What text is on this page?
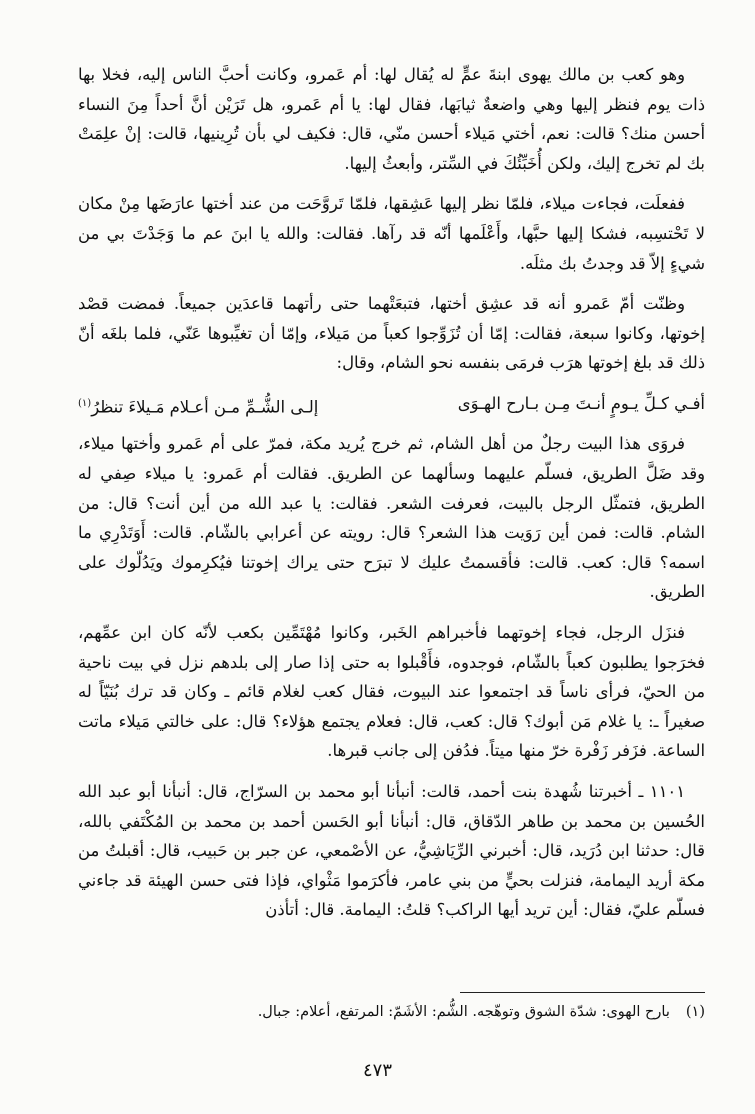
وهو كعب بن مالك يهوى ابنةَ عمٍّ له يُقال لها: أم عَمرو، وكانت أحبَّ الناس إليه، فخلا بها ذات يوم فنظر إليها وهي واضعةٌ ثيابَها، فقال لها: يا أم عَمرو، هل تَرَيْن أنَّ أحداً مِنَ النساء أحسن منك؟ قالت: نعم، أختي مَيلاء أحسن منّي، قال: فكيف لي بأن تُرِينيها، قالت: إنْ علِمَتْ بك لم تخرج إليك، ولكن أُخَبِّئُكَ في السِّتر، وأبعثُ إليها.

ففعلَت، فجاءت ميلاء، فلمّا نظر إليها عَشِقها، فلمّا تَروَّحَت من عند أختها عارَضَها مِنْ مكان لا تَحْتسِبه، فشكا إليها حبَّها، وأَعْلَمها أنّه قد رآها. فقالت: والله يا ابنَ عم ما وَجَدْتَ بي من شيءٍ إلاّ قد وجدتُ بك مثلَه.

وظنّت أمّ عَمرو أنه قد عشِق أختها، فتبعَتْهما حتى رأتهما قاعدَين جميعاً. فمضت قصْد إخوتها، وكانوا سبعة، فقالت: إمّا أن تُزَوِّجوا كعباً من مَيلاء، وإمّا أن تغيِّبوها عَنّي، فلما بلغَه أنّ ذلك قد بلغ إخوتها هرَب فرمَى بنفسه نحو الشام، وقال:

أفـي كـلِّ يـومٍ أنـتَ مِـن بـارح الهـوَى
إلـى الشُّـمِّ مـن أعـلام مَـيلاءَ تنظرُ$^{(١)}$

فروَى هذا البيت رجلٌ من أهل الشام، ثم خرج يُريد مكة، فمرّ على أم عَمرو وأختها ميلاء، وقد ضَلَّ الطريق، فسلّم عليهما وسألهما عن الطريق. فقالت أم عَمرو: يا ميلاء صِفي له الطريق، فتمثّل الرجل بالبيت، فعرفت الشعر. فقالت: يا عبد الله من أين أنت؟ قال: من الشام. قالت: فمن أين رَوَيت هذا الشعر؟ قال: رويته عن أعرابي بالشّام. قالت: أَوَتَدْرِي ما اسمه؟ قال: كعب. قالت: فأقسمتُ عليك لا تبرَح حتى يراك إخوتنا فيُكرِموك ويَدُلّوك على الطريق.

فنزَل الرجل، فجاء إخوتهما فأخبراهم الخَبر، وكانوا مُهْتَمِّين بكعب لأنّه كان ابن عمِّهم، فخرَجوا يطلبون كعباً بالشّام، فوجدوه، فأَقْبلوا به حتى إذا صار إلى بلدهم نزل في بيت ناحية من الحيّ، فرأى ناساً قد اجتمعوا عند البيوت، فقال كعب لغلام قائم ـ وكان قد ترك بُنَيّاً له صغيراً ـ: يا غلام مَن أبوك؟ قال: كعب، قال: فعلام يجتمع هؤلاء؟ قال: على خالتي مَيلاء ماتت الساعة. فزَفر زَفْرة خرّ منها ميتاً. فدُفن إلى جانب قبرها.

١١٠١ ـ أخبرتنا شُهدة بنت أحمد، قالت: أنبأنا أبو محمد بن السرّاج، قال: أنبأنا أبو عبد الله الحُسين بن محمد بن طاهر الدّقاق، قال: أنبأنا أبو الحَسن أحمد بن محمد بن المُكْتَفي بالله، قال: حدثنا ابن دُرَيد، قال: أخبرني الرِّيَاشِيُّ، عن الأصْمعي، عن جبر بن حَبيب، قال: أقبلتُ من مكة أريد اليمامة، فنزلت بحيٍّ من بني عامر، فأكرَموا مَثْواي، فإذا فتى حسن الهيئة قد جاءني فسلّم عليّ، فقال: أين تريد أيها الراكب؟ قلتُ: اليمامة. قال: أتأذن

(١)بارح الهوى: شدّة الشوق وتوهّجه. الشُّم: الأشَمّ: المرتفع، أعلام: جبال.
٤٧٣
